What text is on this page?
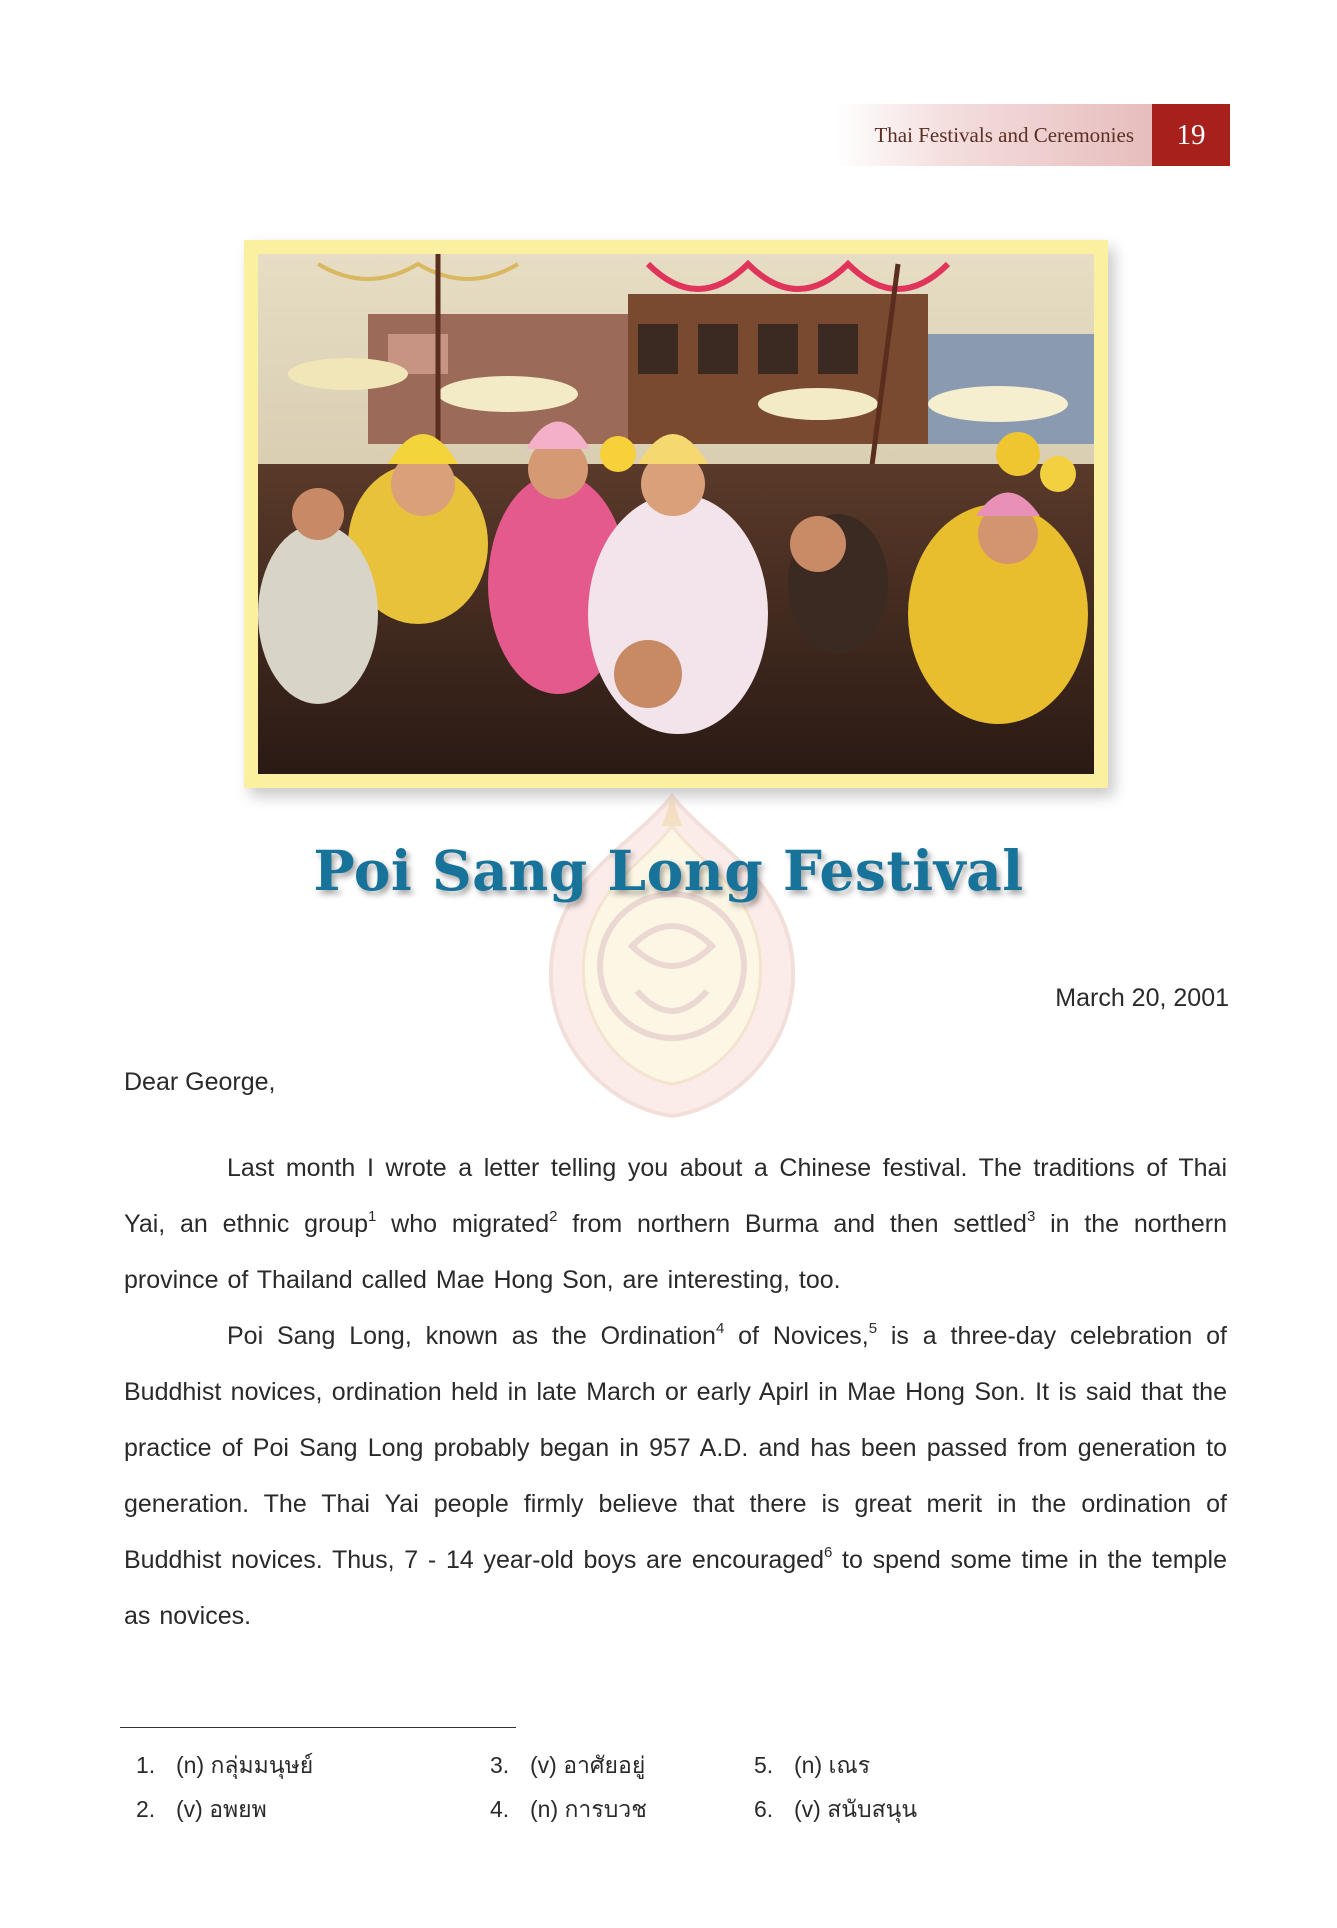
Thai Festivals and Ceremonies	19
Poi Sang Long Festival
March 20, 2001
Dear George,

Last month I wrote a letter telling you about a Chinese festival. The traditions of Thai Yai, an ethnic group$^1$ who migrated$^2$ from northern Burma and then settled$^3$ in the northern province of Thailand called Mae Hong Son, are interesting, too.

Poi Sang Long, known as the Ordination$^4$ of Novices,$^5$ is a three-day celebration of Buddhist novices, ordination held in late March or early Apirl in Mae Hong Son. It is said that the practice of Poi Sang Long probably began in 957 A.D. and has been passed from generation to generation. The Thai Yai people firmly believe that there is great merit in the ordination of Buddhist novices. Thus, 7 - 14 year-old boys are encouraged$^6$ to spend some time in the temple as novices.

1. (n) กลุ่มมนุษย์
2. (v) อพยพ
3. (v) อาศัยอยู่
4. (n) การบวช
5. (n) เณร
6. (v) สนับสนุน
